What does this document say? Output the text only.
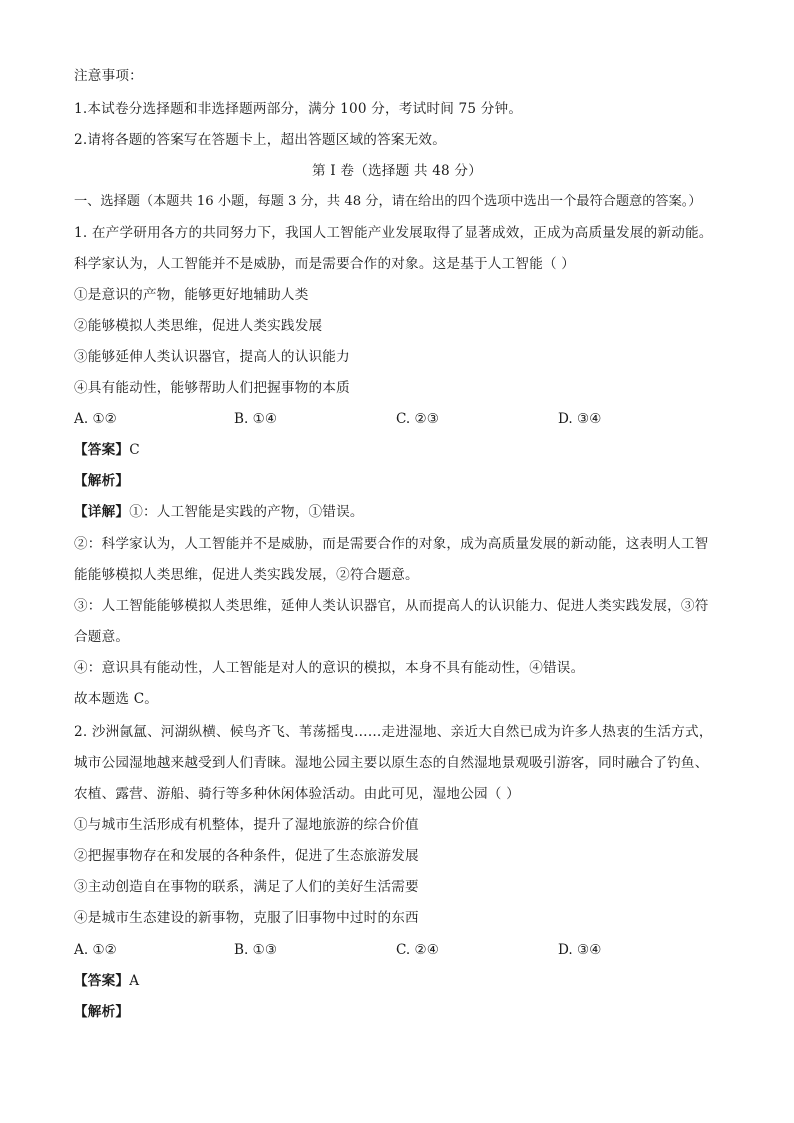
注意事项：
1.本试卷分选择题和非选择题两部分，满分 100 分，考试时间 75 分钟。
2.请将各题的答案写在答题卡上，超出答题区域的答案无效。
第 I 卷（选择题 共 48 分）
一、选择题（本题共 16 小题，每题 3 分，共 48 分，请在给出的四个选项中选出一个最符合题意的答案。）
1. 在产学研用各方的共同努力下，我国人工智能产业发展取得了显著成效，正成为高质量发展的新动能。
科学家认为，人工智能并不是威胁，而是需要合作的对象。这是基于人工智能（ ）
①是意识的产物，能够更好地辅助人类
②能够模拟人类思维，促进人类实践发展
③能够延伸人类认识器官，提高人的认识能力
④具有能动性，能够帮助人们把握事物的本质
A. ①②	B. ①④	C. ②③	D. ③④
【答案】C
【解析】
【详解】①：人工智能是实践的产物，①错误。
②：科学家认为，人工智能并不是威胁，而是需要合作的对象，成为高质量发展的新动能，这表明人工智
能能够模拟人类思维，促进人类实践发展，②符合题意。
③：人工智能能够模拟人类思维，延伸人类认识器官，从而提高人的认识能力、促进人类实践发展，③符
合题意。
④：意识具有能动性，人工智能是对人的意识的模拟，本身不具有能动性，④错误。
故本题选 C。
2. 沙洲氤氲、河湖纵横、候鸟齐飞、苇荡摇曳……走进湿地、亲近大自然已成为许多人热衷的生活方式，
城市公园湿地越来越受到人们青睐。湿地公园主要以原生态的自然湿地景观吸引游客，同时融合了钓鱼、
农植、露营、游船、骑行等多种休闲体验活动。由此可见，湿地公园（ ）
①与城市生活形成有机整体，提升了湿地旅游的综合价值
②把握事物存在和发展的各种条件，促进了生态旅游发展
③主动创造自在事物的联系，满足了人们的美好生活需要
④是城市生态建设的新事物，克服了旧事物中过时的东西
A. ①②	B. ①③	C. ②④	D. ③④
【答案】A
【解析】
